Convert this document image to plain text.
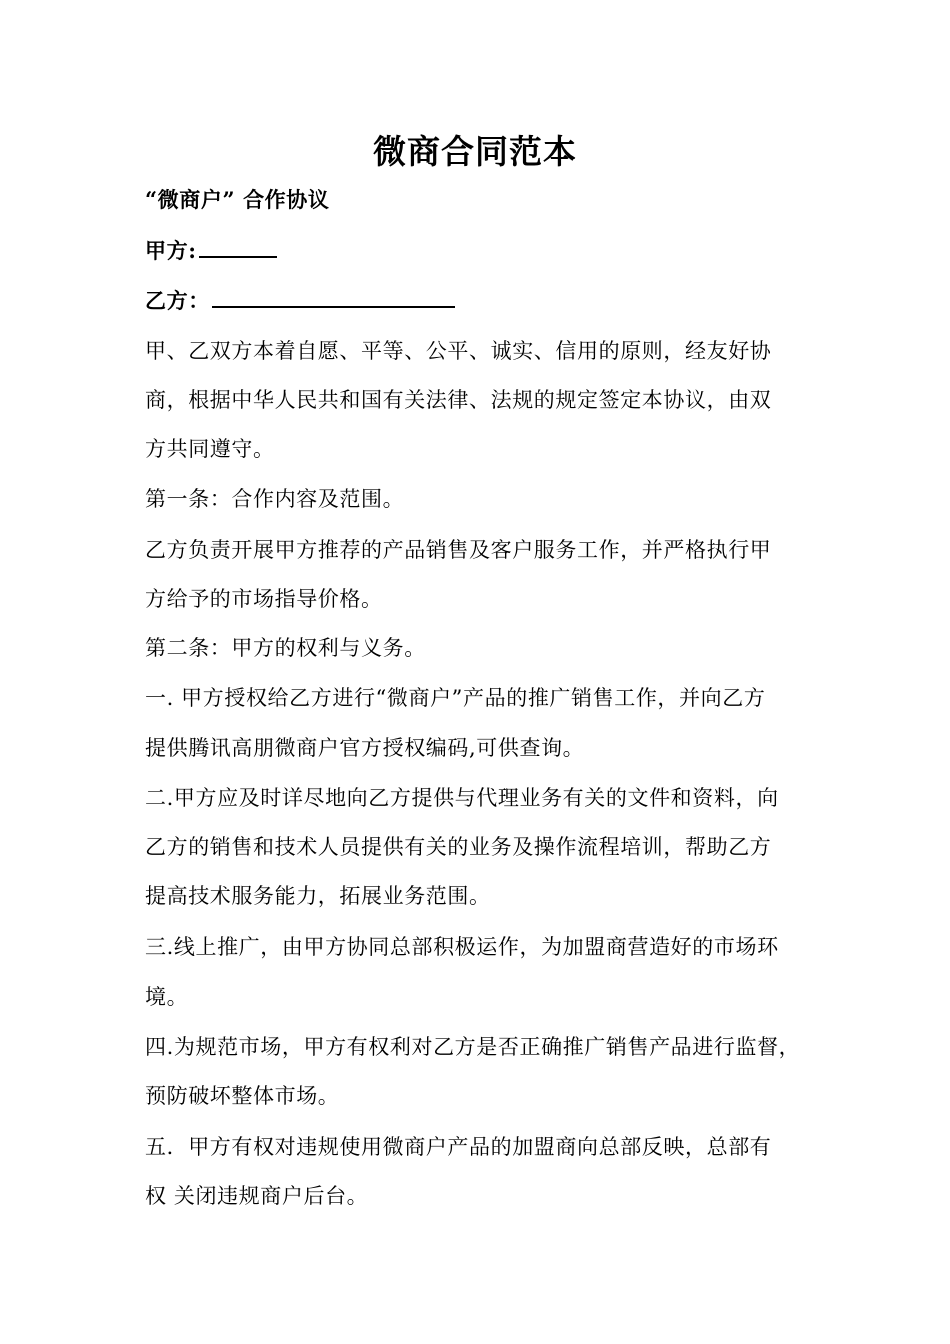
微商合同范本
“微商户” 合作协议
甲方:
乙方：
甲、乙双方本着自愿、平等、公平、诚实、信用的原则，经友好协
商，根据中华人民共和国有关法律、法规的规定签定本协议，由双
方共同遵守。
第一条：合作内容及范围。
乙方负责开展甲方推荐的产品销售及客户服务工作，并严格执行甲
方给予的市场指导价格。
第二条：甲方的权利与义务。
一. 甲方授权给乙方进行“微商户”产品的推广销售工作，并向乙方
提供腾讯高朋微商户官方授权编码,可供查询。
二.甲方应及时详尽地向乙方提供与代理业务有关的文件和资料，向
乙方的销售和技术人员提供有关的业务及操作流程培训，帮助乙方
提高技术服务能力，拓展业务范围。
三.线上推广，由甲方协同总部积极运作，为加盟商营造好的市场环
境。
四.为规范市场，甲方有权利对乙方是否正确推广销售产品进行监督，
预防破坏整体市场。
五．甲方有权对违规使用微商户产品的加盟商向总部反映，总部有
权 关闭违规商户后台。
